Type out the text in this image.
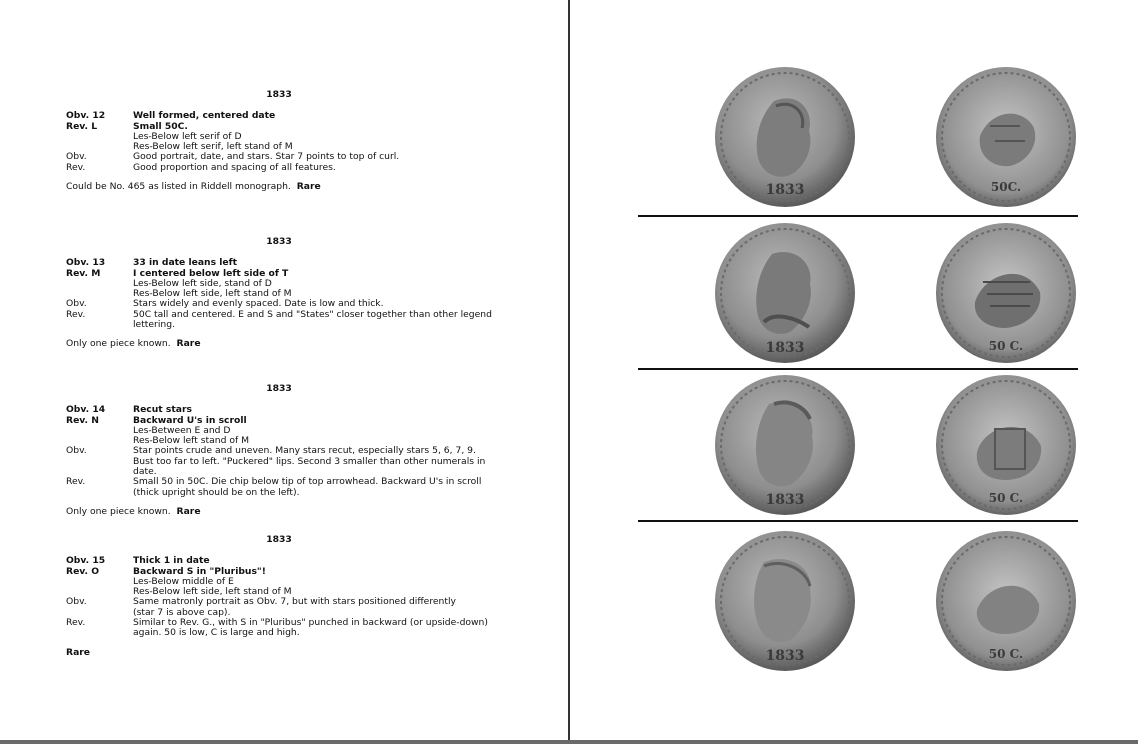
1833
Obv. 12	Well formed, centered date
Rev. L	Small 50C.
Les-Below left serif of D
Res-Below left serif, left stand of M
Obv.	Good portrait, date, and stars. Star 7 points to top of curl.
Rev.	Good proportion and spacing of all features.
Could be No. 465 as listed in Riddell monograph. Rare
1833
Obv. 13	33 in date leans left
Rev. M	I centered below left side of T
Les-Below left side, stand of D
Res-Below left side, left stand of M
Obv.	Stars widely and evenly spaced. Date is low and thick.
Rev.	50C tall and centered. E and S and "States" closer together than other legend lettering.
Only one piece known. Rare
1833
Obv. 14	Recut stars
Rev. N	Backward U's in scroll
Les-Between E and D
Res-Below left stand of M
Obv.	Star points crude and uneven. Many stars recut, especially stars 5, 6, 7, 9.
Bust too far to left. "Puckered" lips. Second 3 smaller than other numerals in date.
Rev.	Small 50 in 50C. Die chip below tip of top arrowhead. Backward U's in scroll (thick upright should be on the left).
Only one piece known. Rare
1833
Obv. 15	Thick 1 in date
Rev. O	Backward S in "Pluribus"!
Les-Below middle of E
Res-Below left side, left stand of M
Obv.	Same matronly portrait as Obv. 7, but with stars positioned differently
(star 7 is above cap).
Rev.	Similar to Rev. G., with S in "Pluribus" punched in backward (or upside-down) again. 50 is low, C is large and high.
Rare
1833	50C.
1833	50 C.
1833	50 C.
1833	50 C.
